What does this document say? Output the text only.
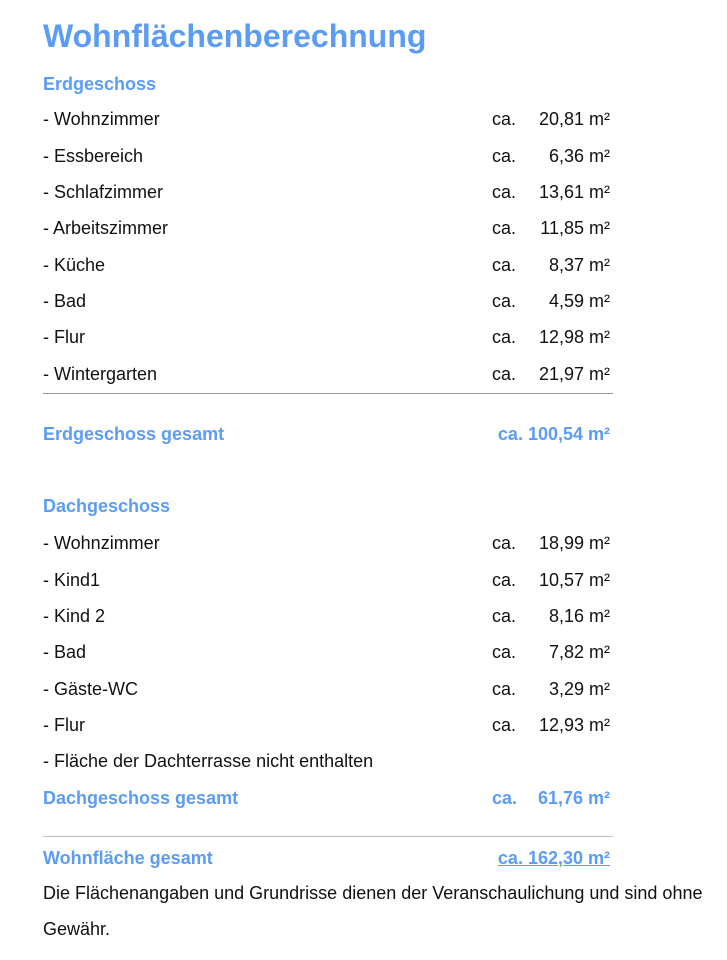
Wohnflächenberechnung
Erdgeschoss
- Wohnzimmer	ca. 20,81 m²
- Essbereich	ca. 6,36 m²
- Schlafzimmer	ca. 13,61 m²
- Arbeitszimmer	ca. 11,85 m²
- Küche	ca. 8,37 m²
- Bad	ca. 4,59 m²
- Flur	ca. 12,98 m²
- Wintergarten	ca. 21,97 m²
Erdgeschoss gesamt	ca. 100,54 m²
Dachgeschoss
- Wohnzimmer	ca. 18,99 m²
- Kind1	ca. 10,57 m²
- Kind 2	ca. 8,16 m²
- Bad	ca. 7,82 m²
- Gäste-WC	ca. 3,29 m²
- Flur	ca. 12,93 m²
- Fläche der Dachterrasse nicht enthalten
Dachgeschoss gesamt	ca. 61,76 m²
Wohnfläche gesamt	ca. 162,30 m²
Die Flächenangaben und Grundrisse dienen der Veranschaulichung und sind ohne Gewähr.
